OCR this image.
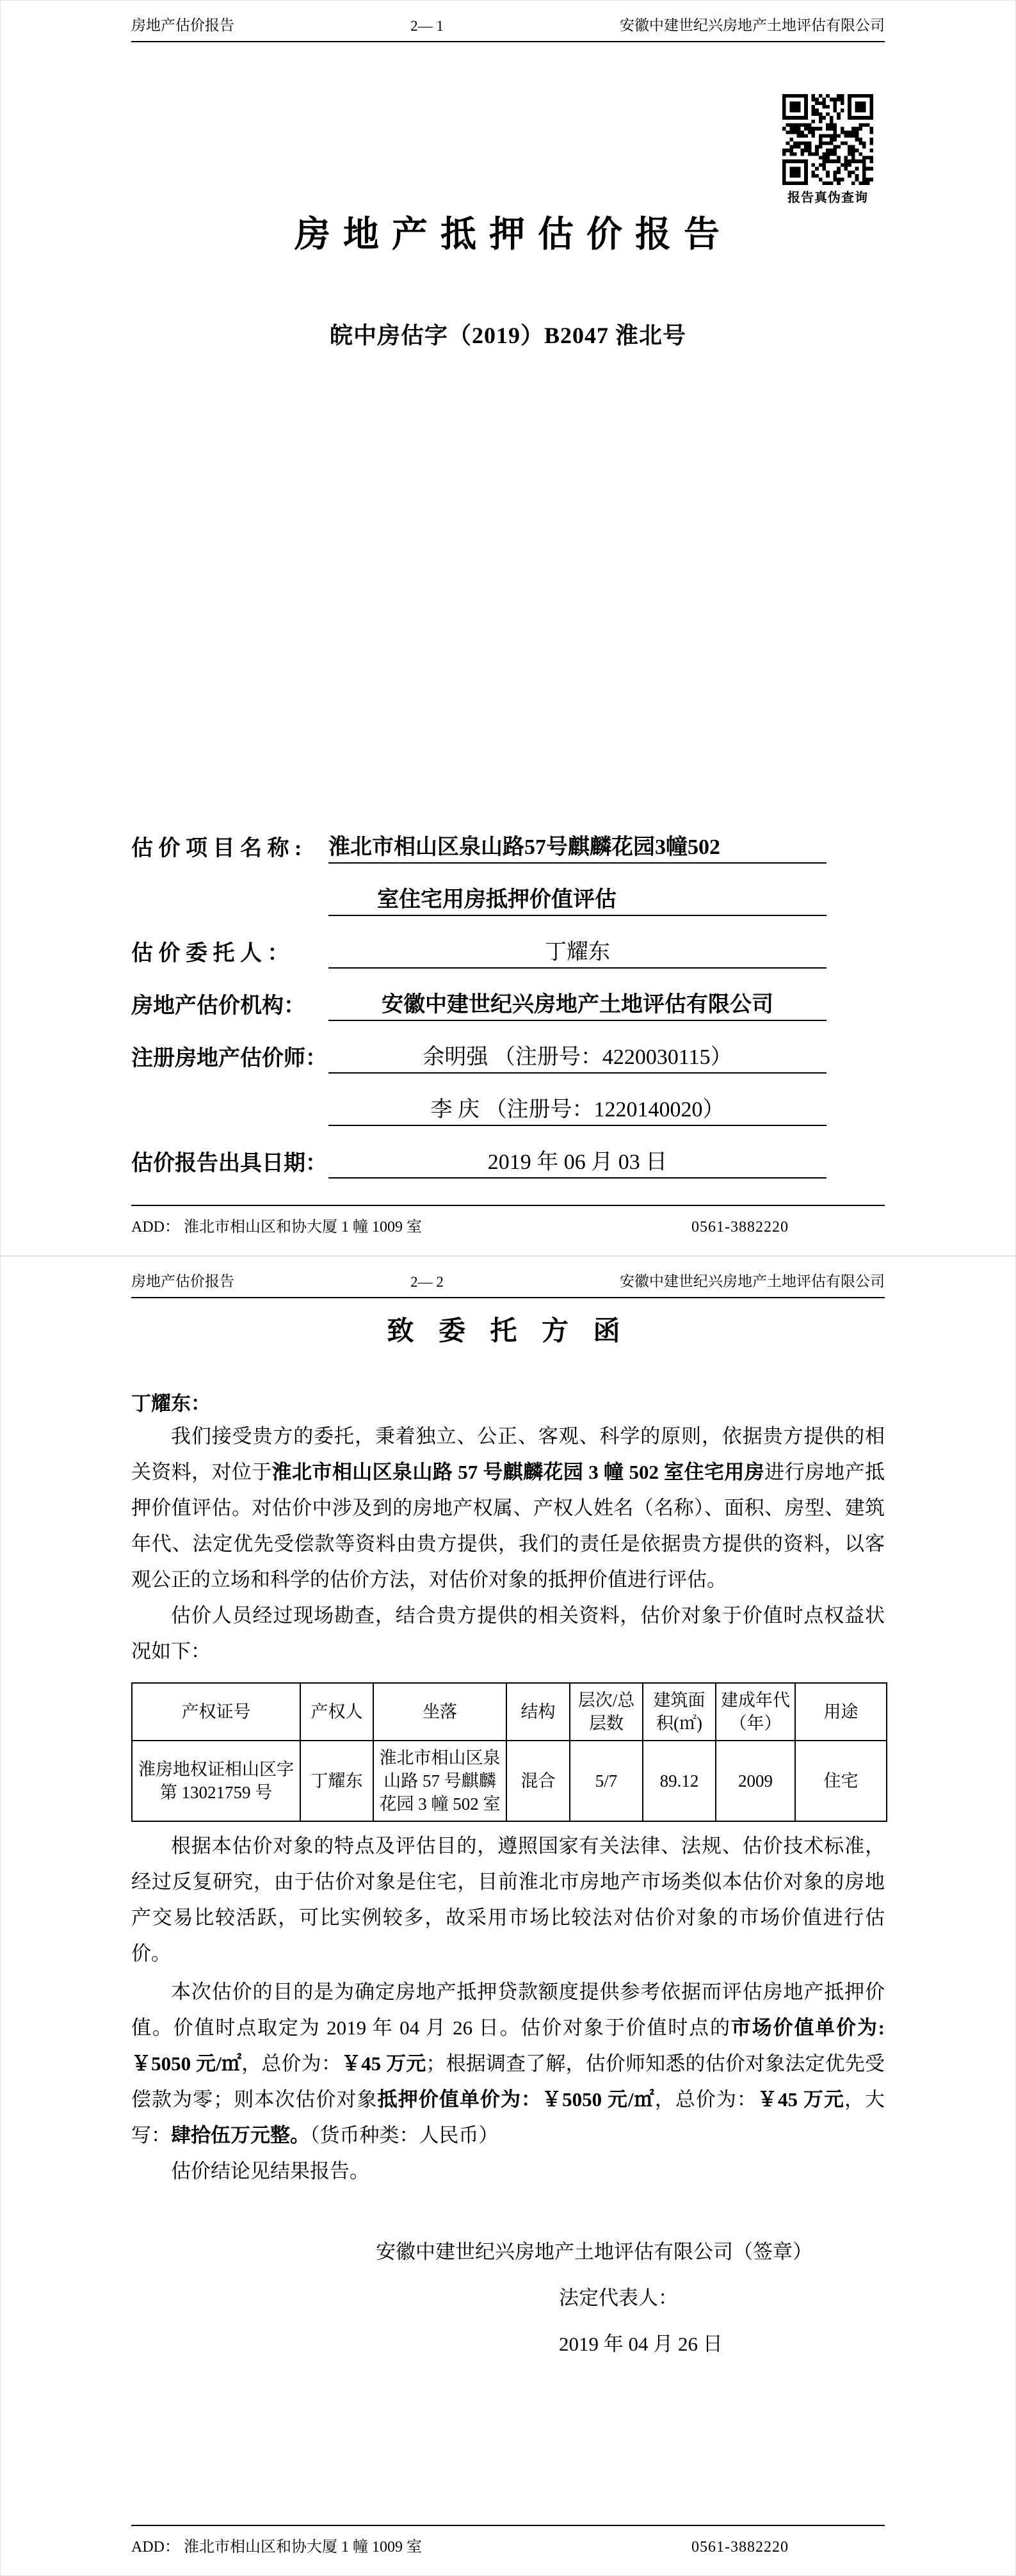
房地产估价报告	2— 1	安徽中建世纪兴房地产土地评估有限公司
报告真伪查询
房 地 产 抵 押 估 价 报 告
皖中房估字（2019）B2047 淮北号
估 价 项 目 名 称 :	淮北市相山区泉山路57号麒麟花园3幢502

室住宅用房抵押价值评估
估 价 委 托 人 ：	丁耀东
房地产估价机构：	安徽中建世纪兴房地产土地评估有限公司
注册房地产估价师：	余明强 （注册号：4220030115）

李 庆 （注册号：1220140020）
估价报告出具日期：	2019 年 06 月 03 日
ADD： 淮北市相山区和协大厦 1 幢 1009 室	0561-3882220
房地产估价报告	2— 2	安徽中建世纪兴房地产土地评估有限公司
致 委 托 方 函
丁耀东：

我们接受贵方的委托，秉着独立、公正、客观、科学的原则，依据贵方提供的相关资料，对位于淮北市相山区泉山路 57 号麒麟花园 3 幢 502 室住宅用房进行房地产抵押价值评估。对估价中涉及到的房地产权属、产权人姓名（名称）、面积、房型、建筑年代、法定优先受偿款等资料由贵方提供，我们的责任是依据贵方提供的资料，以客观公正的立场和科学的估价方法，对估价对象的抵押价值进行评估。

估价人员经过现场勘查，结合贵方提供的相关资料，估价对象于价值时点权益状况如下：

产权证号	产权人	坐落	结构	层次/总层数	建筑面积(㎡)	建成年代（年）	用途
淮房地权证相山区字第 13021759 号	丁耀东	淮北市相山区泉山路 57 号麒麟花园 3 幢 502 室	混合	5/7	89.12	2009	住宅

根据本估价对象的特点及评估目的，遵照国家有关法律、法规、估价技术标准，经过反复研究，由于估价对象是住宅，目前淮北市房地产市场类似本估价对象的房地产交易比较活跃，可比实例较多，故采用市场比较法对估价对象的市场价值进行估价。

本次估价的目的是为确定房地产抵押贷款额度提供参考依据而评估房地产抵押价值。价值时点取定为 2019 年 04 月 26 日。估价对象于价值时点的市场价值单价为:￥5050 元/㎡，总价为：￥45 万元；根据调查了解，估价师知悉的估价对象法定优先受偿款为零；则本次估价对象抵押价值单价为：￥5050 元/㎡，总价为：￥45 万元，大写：肆拾伍万元整。（货币种类：人民币）

估价结论见结果报告。

安徽中建世纪兴房地产土地评估有限公司（签章）
法定代表人：
2019 年 04 月 26 日
ADD： 淮北市相山区和协大厦 1 幢 1009 室	0561-3882220
